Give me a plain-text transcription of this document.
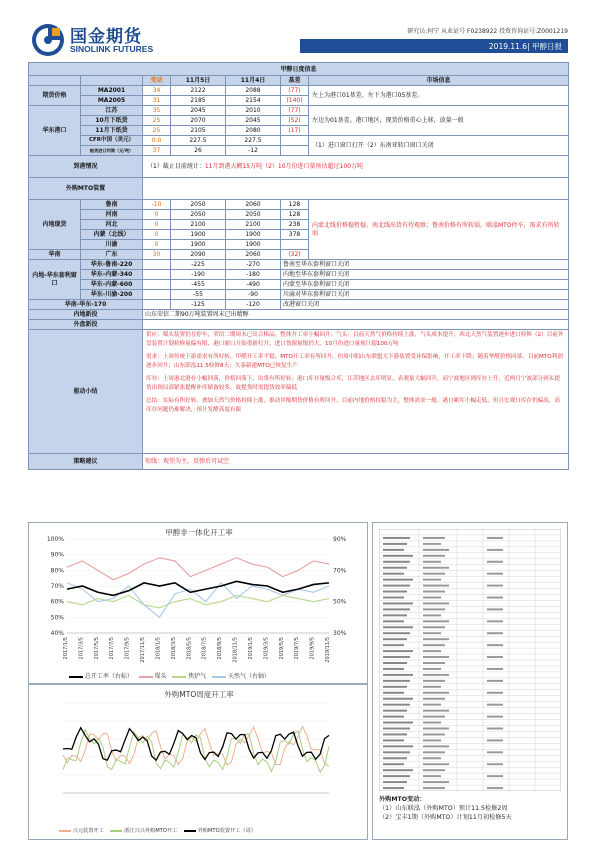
国金期货
SINOLINK FUTURES
研究员:何宁 从业证号 F0238922 投资咨询证号:Z0001219
2019.11.6| 甲醇日报
甲醇日度信息						
		变动	11月5日	11月4日	基差	市场信息
期货价格	MA2001	34	2122	2088	(77)	左上为港口01基差、左下为港口05基差。
	MA2005	31	2185	2154	(140)	
华东港口	江苏	35	2045	2010	(77)	左边为01基差。港口地区，现货价格重心上移，放量一般
	10月下纸货	25	2070	2045	(52)	
	11月下纸货	25	2105	2080	(17)	
	CFR中国（美元）	0.0	227.5	227.5		（1）进口窗口打开（2）东南亚转口窗口关闭
	船货进口利润（元/吨）	37	26	-12		
到港情况		（1）截止目前统计：11月到港大概15万吨（2）10月份进口量预估超过100万吨				
外购MTO装置						
内地现货	鲁南	-10	2050	2060	128	内蒙北线价格稳暂稳。南北线出货有待观察；鲁南价格有所转弱，联泓MTO停车，需求有所转弱
	河南	0	2050	2050	128	
	河北	0	2100	2100	238	
	内蒙（北线）	0	1900	1900	378	
	川渝	0	1900	1900		
华南	广东	30	2090	2060	(32)	
内地-华东套利窗口	华东-鲁南-220		-225	-270	鲁南至华东套利窗口关闭	
	华东-内蒙-340		-190	-180	内地至华东套利窗口关闭	
	华东-内蒙-600		-455	-490	内蒙至华东套利窗口关闭	
	华东-川渝-200		-55	-90	川渝对华东套利窗口关闭	
华南-华东-170			-125	-120	改港窗口关闭	
内地新投		山东荣信二期90万吨装置周末已出精醇				
外盘新投						
驱动小结		供应：煤头装置仍在停车，荣信二期周末已出合格品，整体开工率小幅回升；气头：目前天然气价格持续上涨，气头成本提升，西北天然气装置逐步进口检修（2）目前外盘装置计划检修量偏有限，港口窗口开始重新打开，进口货源量级仍大，10月份进口量预计超100万吨

需求：上周传统下游需求有所好转，甲醛开工率平稳，MTO开工率有所回升，但周中阳山东联盟大下游装置受环保影响，开工率下降；随着华醛价格回落，目前MTO利润逐步回升；山东联泓11.5检修8天；久泰新建MTO已恢复生产

库存：上周港北港存小幅回落，价格回落下，出货有所好转；港口库存量级合库，江苏地区去库明显，表观量大幅回升，而宁波地区则库存上升，近两日宁波部分码头提货出现局部紧张提醒补库储备较多，故提货时需提货效率偏低

总结：实际有所好转，叠加天然气价格持续上涨，推动甲醇期货价格有所回升，目前内地价格持稳为主，整体需求一般。港口累库小幅走低，但且宏观口库存仍偏高，高库存问题仍难解决，预计发酵高度有限				

策略建议		短线：观望为主，反弹后可试空				
甲醇非一体化开工率
40%
50%
60%
70%
80%
90%
100%
30%
50%
70%
90%
2017/1/5 2017/3/5 2017/5/5 2017/7/5 2017/9/5 2017/11/5 2018/1/5 2018/3/5 2018/5/5 2018/7/5 2018/9/5 2018/11/5 2019/1/5 2019/3/5 2019/5/5 2019/7/5 2019/9/5 2019/11/5
总开工率（右标）	煤头	焦炉气	天然气（右轴）
外购MTO周度开工率
兴元装置开工	浙江兴兴外购MTO开工	外购MTO装置开工（周）
外购MTO变动：
（1）山东联泓（外购MTO）预计11.5检修2周
（2）宝丰1期（外购MTO）计划11月初检修5天
